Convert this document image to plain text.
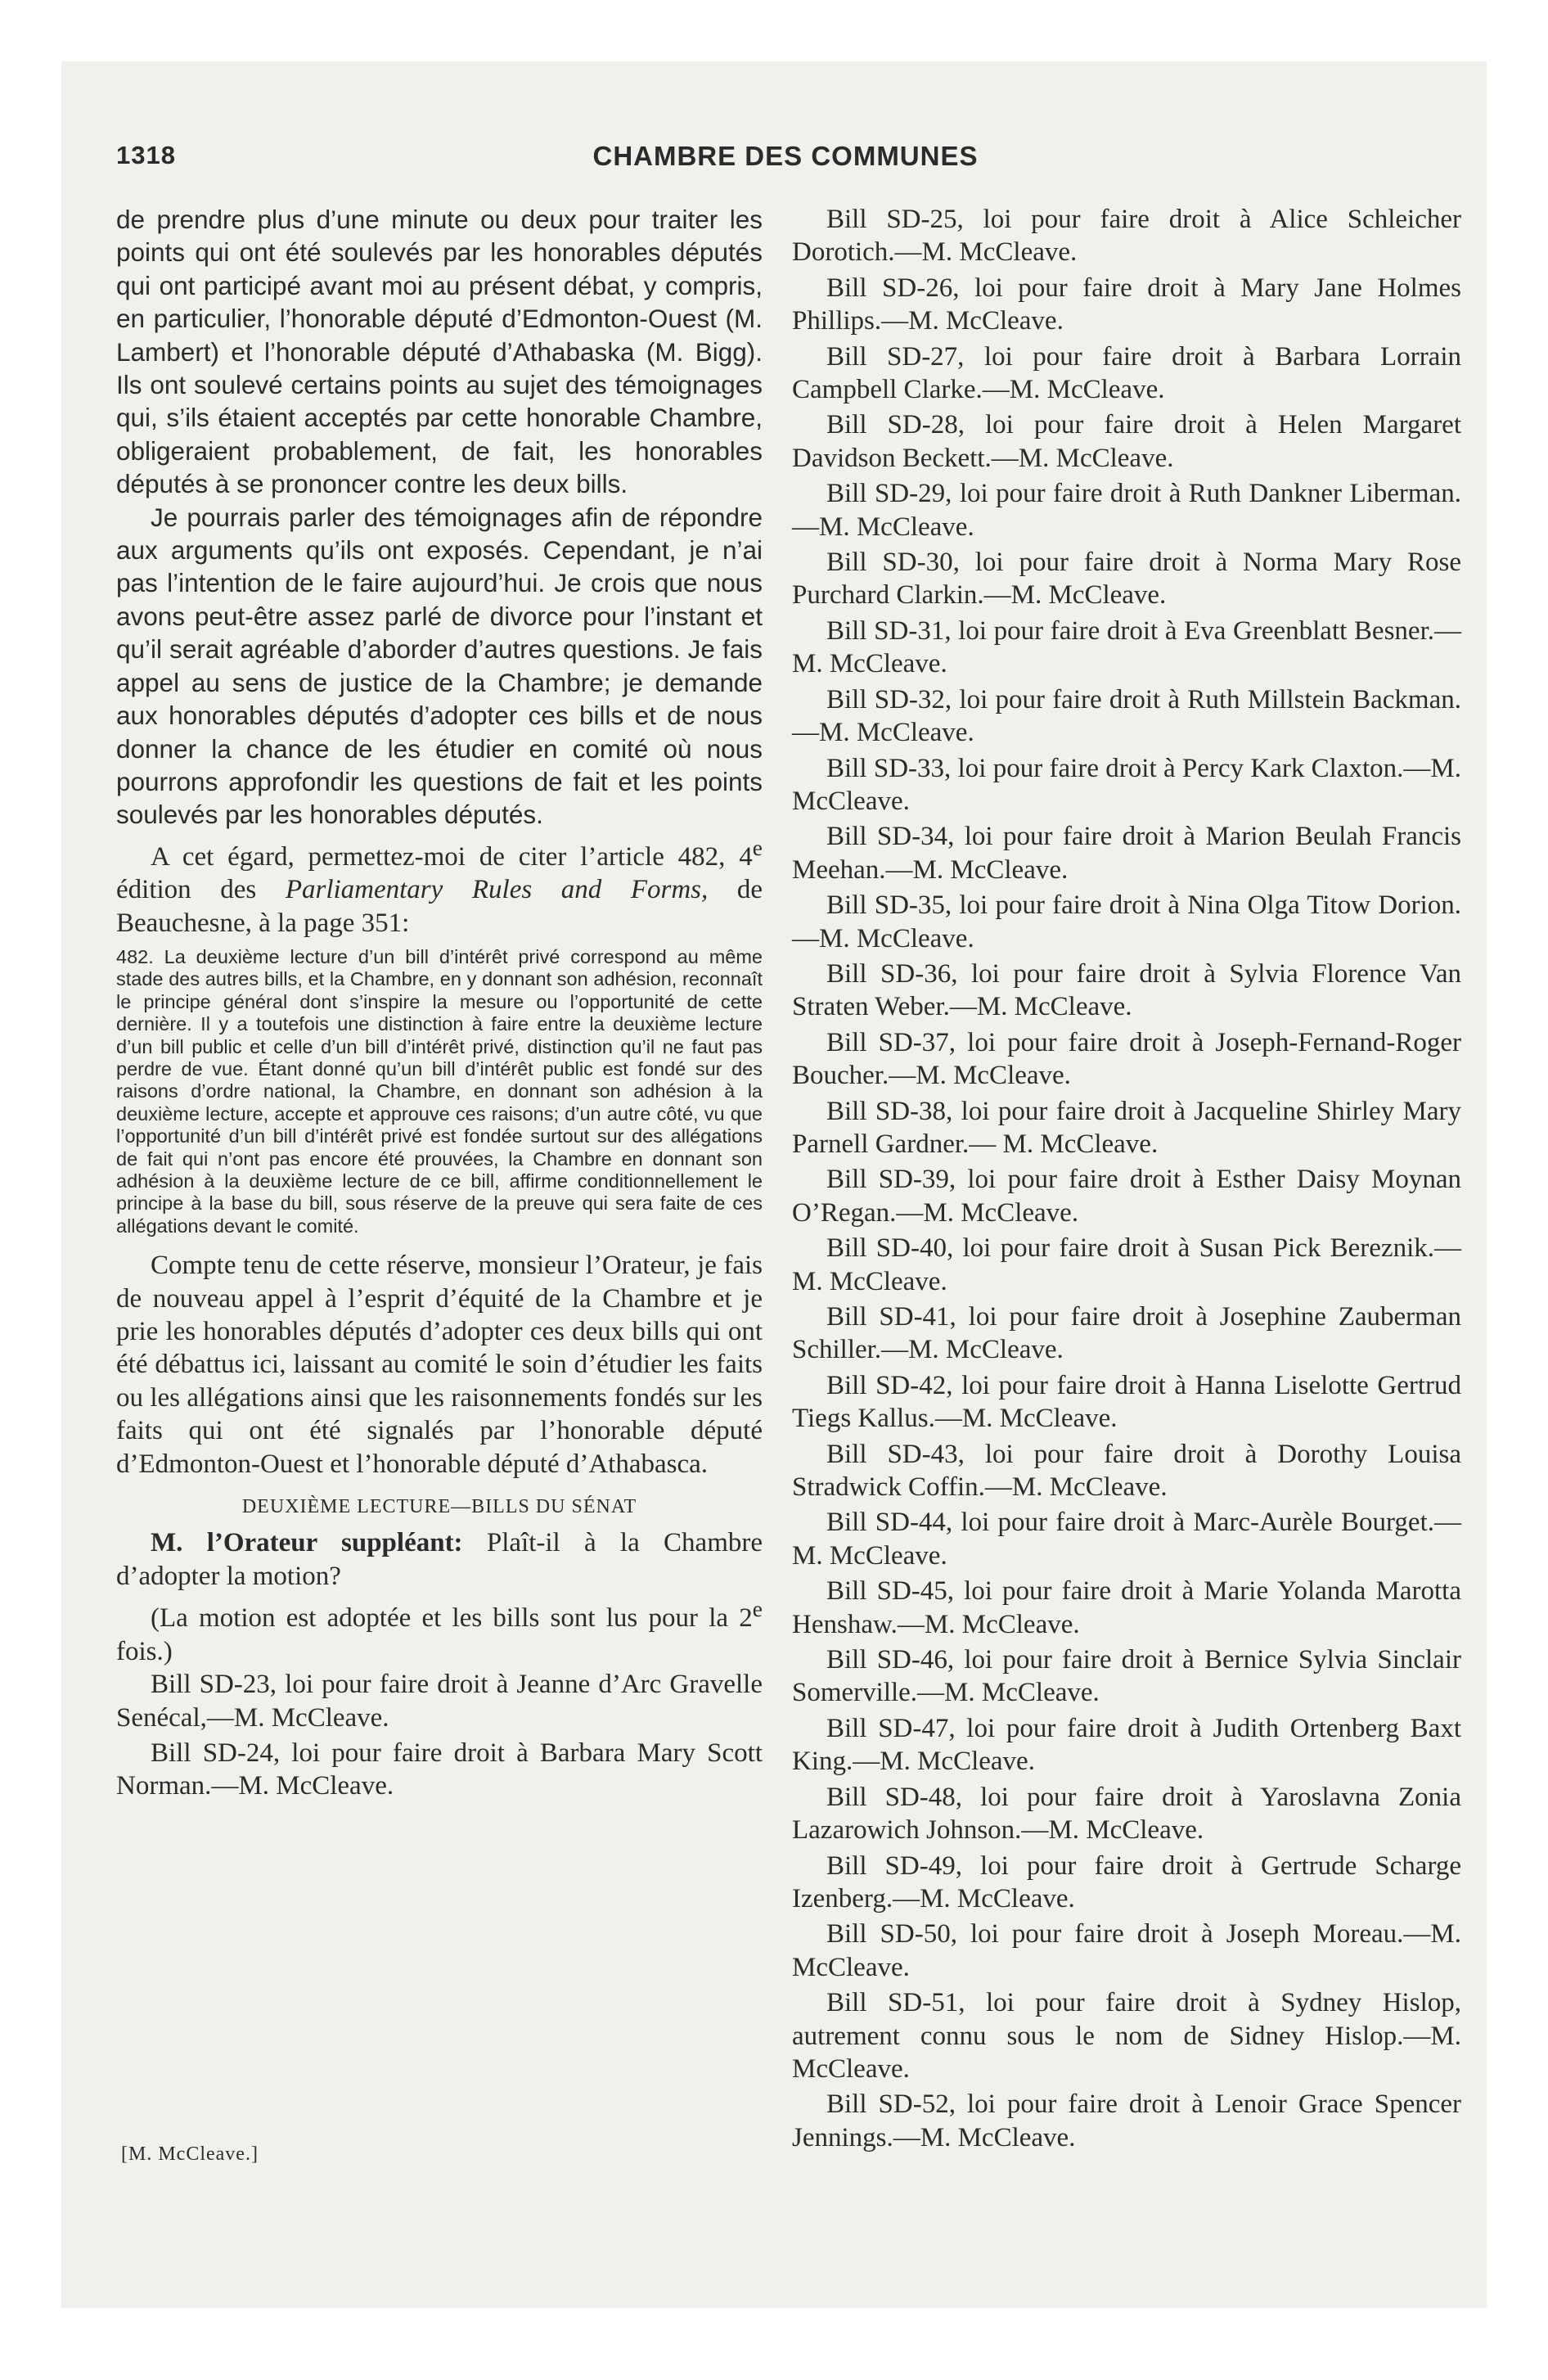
1318	CHAMBRE DES COMMUNES

de prendre plus d’une minute ou deux pour traiter les points qui ont été soulevés par les honorables députés qui ont participé avant moi au présent débat, y compris, en particulier, l’honorable député d’Edmonton-Ouest (M. Lambert) et l’honorable député d’Athabaska (M. Bigg). Ils ont soulevé certains points au sujet des témoignages qui, s’ils étaient acceptés par cette honorable Chambre, obligeraient probablement, de fait, les honorables députés à se prononcer contre les deux bills.

Je pourrais parler des témoignages afin de répondre aux arguments qu’ils ont exposés. Cependant, je n’ai pas l’intention de le faire aujourd’hui. Je crois que nous avons peut-être assez parlé de divorce pour l’instant et qu’il serait agréable d’aborder d’autres questions. Je fais appel au sens de justice de la Chambre; je demande aux honorables députés d’adopter ces bills et de nous donner la chance de les étudier en comité où nous pourrons approfondir les questions de fait et les points soulevés par les honorables députés.

A cet égard, permettez-moi de citer l’article 482, 4e édition des Parliamentary Rules and Forms, de Beauchesne, à la page 351:

482. La deuxième lecture d’un bill d’intérêt privé correspond au même stade des autres bills, et la Chambre, en y donnant son adhésion, reconnaît le principe général dont s’inspire la mesure ou l’opportunité de cette dernière. Il y a toutefois une distinction à faire entre la deuxième lecture d’un bill public et celle d’un bill d’intérêt privé, distinction qu’il ne faut pas perdre de vue. Étant donné qu’un bill d’intérêt public est fondé sur des raisons d’ordre national, la Chambre, en donnant son adhésion à la deuxième lecture, accepte et approuve ces raisons; d’un autre côté, vu que l’opportunité d’un bill d’intérêt privé est fondée surtout sur des allégations de fait qui n’ont pas encore été prouvées, la Chambre en donnant son adhésion à la deuxième lecture de ce bill, affirme conditionnellement le principe à la base du bill, sous réserve de la preuve qui sera faite de ces allégations devant le comité.

Compte tenu de cette réserve, monsieur l’Orateur, je fais de nouveau appel à l’esprit d’équité de la Chambre et je prie les honorables députés d’adopter ces deux bills qui ont été débattus ici, laissant au comité le soin d’étudier les faits ou les allégations ainsi que les raisonnements fondés sur les faits qui ont été signalés par l’honorable député d’Edmonton-Ouest et l’honorable député d’Athabasca.

DEUXIÈME LECTURE—BILLS DU SÉNAT

M. l’Orateur suppléant: Plaît-il à la Chambre d’adopter la motion?

(La motion est adoptée et les bills sont lus pour la 2e fois.)

Bill SD-23, loi pour faire droit à Jeanne d’Arc Gravelle Senécal,—M. McCleave.

Bill SD-24, loi pour faire droit à Barbara Mary Scott Norman.—M. McCleave.

Bill SD-25, loi pour faire droit à Alice Schleicher Dorotich.—M. McCleave.

Bill SD-26, loi pour faire droit à Mary Jane Holmes Phillips.—M. McCleave.

Bill SD-27, loi pour faire droit à Barbara Lorrain Campbell Clarke.—M. McCleave.

Bill SD-28, loi pour faire droit à Helen Margaret Davidson Beckett.—M. McCleave.

Bill SD-29, loi pour faire droit à Ruth Dankner Liberman.—M. McCleave.

Bill SD-30, loi pour faire droit à Norma Mary Rose Purchard Clarkin.—M. McCleave.

Bill SD-31, loi pour faire droit à Eva Greenblatt Besner.—M. McCleave.

Bill SD-32, loi pour faire droit à Ruth Millstein Backman.—M. McCleave.

Bill SD-33, loi pour faire droit à Percy Kark Claxton.—M. McCleave.

Bill SD-34, loi pour faire droit à Marion Beulah Francis Meehan.—M. McCleave.

Bill SD-35, loi pour faire droit à Nina Olga Titow Dorion.—M. McCleave.

Bill SD-36, loi pour faire droit à Sylvia Florence Van Straten Weber.—M. McCleave.

Bill SD-37, loi pour faire droit à Joseph-Fernand-Roger Boucher.—M. McCleave.

Bill SD-38, loi pour faire droit à Jacqueline Shirley Mary Parnell Gardner.— M. McCleave.

Bill SD-39, loi pour faire droit à Esther Daisy Moynan O’Regan.—M. McCleave.

Bill SD-40, loi pour faire droit à Susan Pick Bereznik.—M. McCleave.

Bill SD-41, loi pour faire droit à Josephine Zauberman Schiller.—M. McCleave.

Bill SD-42, loi pour faire droit à Hanna Liselotte Gertrud Tiegs Kallus.—M. McCleave.

Bill SD-43, loi pour faire droit à Dorothy Louisa Stradwick Coffin.—M. McCleave.

Bill SD-44, loi pour faire droit à Marc-Aurèle Bourget.—M. McCleave.

Bill SD-45, loi pour faire droit à Marie Yolanda Marotta Henshaw.—M. McCleave.

Bill SD-46, loi pour faire droit à Bernice Sylvia Sinclair Somerville.—M. McCleave.

Bill SD-47, loi pour faire droit à Judith Ortenberg Baxt King.—M. McCleave.

Bill SD-48, loi pour faire droit à Yaroslavna Zonia Lazarowich Johnson.—M. McCleave.

Bill SD-49, loi pour faire droit à Gertrude Scharge Izenberg.—M. McCleave.

Bill SD-50, loi pour faire droit à Joseph Moreau.—M. McCleave.

Bill SD-51, loi pour faire droit à Sydney Hislop, autrement connu sous le nom de Sidney Hislop.—M. McCleave.

Bill SD-52, loi pour faire droit à Lenoir Grace Spencer Jennings.—M. McCleave.

[M. McCleave.]
